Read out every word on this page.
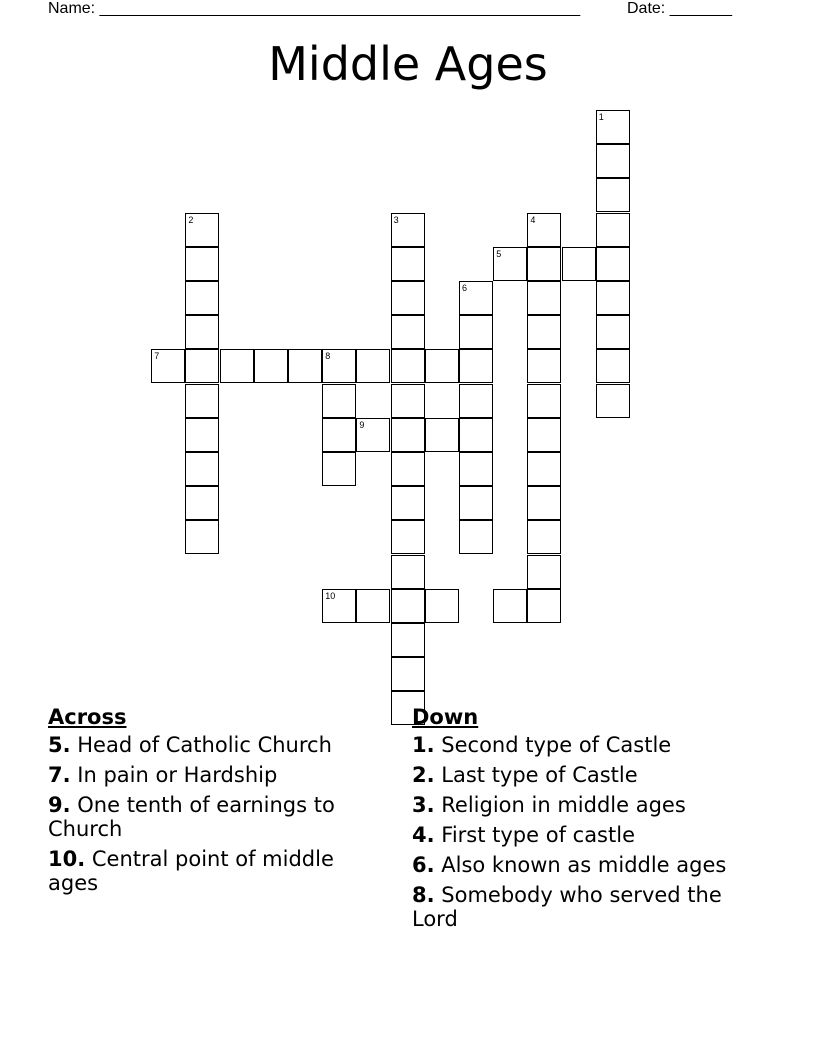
Name: ______________________________________________________	Date: _______
Middle Ages
1
2	3	4
5
6
7	8
9
10
Across
5. Head of Catholic Church
7. In pain or Hardship
9. One tenth of earnings to Church
10. Central point of middle ages
Down
1. Second type of Castle
2. Last type of Castle
3. Religion in middle ages
4. First type of castle
6. Also known as middle ages
8. Somebody who served the Lord
